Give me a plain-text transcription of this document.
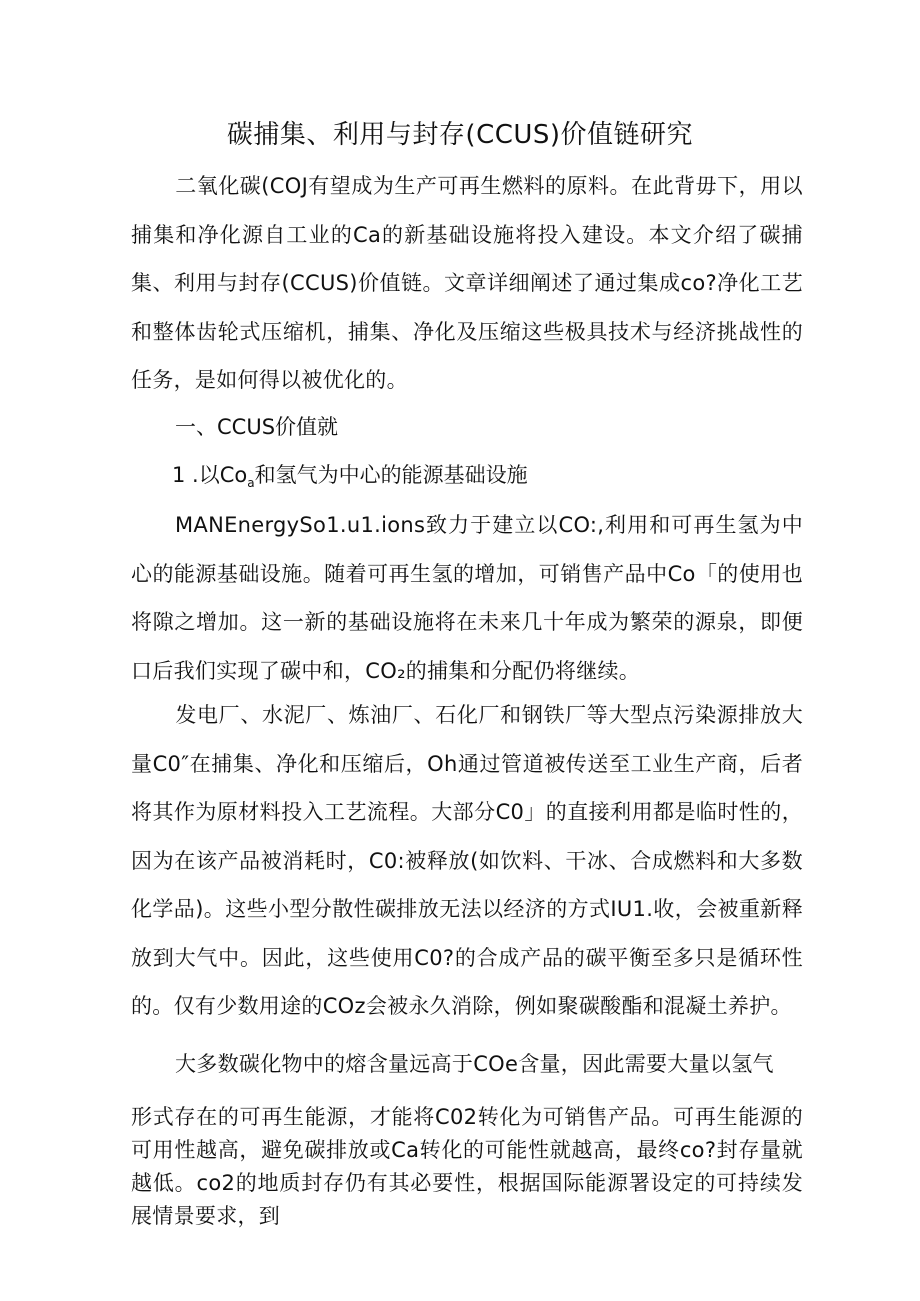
碳捕集、利用与封存(CCUS)价值链研究

二氧化碳(COJ有望成为生产可再生燃料的原料。在此背毋下，用以捕集和净化源自工业的Ca的新基础设施将投入建设。本文介绍了碳捕集、利用与封存(CCUS)价值链。文章详细阐述了通过集成co?净化工艺和整体齿轮式压缩机，捕集、净化及压缩这些极具技术与经济挑战性的任务，是如何得以被优化的。

一、CCUS价值就
1 .以$Co_a$和氢气为中心的能源基础设施

MANEnergySo1.u1.ions致力于建立以CO:,利用和可再生氢为中心的能源基础设施。随着可再生氢的增加，可销售产品中Co「的使用也将隙之增加。这一新的基础设施将在未来几十年成为繁荣的源泉，即便口后我们实现了碳中和，CO₂的捕集和分配仍将继续。

发电厂、水泥厂、炼油厂、石化厂和钢铁厂等大型点污染源排放大量C0″在捕集、净化和压缩后，Oh通过管道被传送至工业生产商，后者将其作为原材料投入工艺流程。大部分C0」的直接利用都是临时性的，因为在该产品被消耗时，C0:被释放(如饮料、干冰、合成燃料和大多数化学品)。这些小型分散性碳排放无法以经济的方式IU1.收，会被重新释放到大气中。因此，这些使用C0?的合成产品的碳平衡至多只是循环性的。仅有少数用途的COz会被永久消除，例如聚碳酸酯和混凝土养护。

大多数碳化物中的熔含量远高于COe含量，因此需要大量以氢气

形式存在的可再生能源，才能将C02转化为可销售产品。可再生能源的可用性越高，避免碳排放或Ca转化的可能性就越高，最终co?封存量就越低。co2的地质封存仍有其必要性，根据国际能源署设定的可持续发展情景要求，到
